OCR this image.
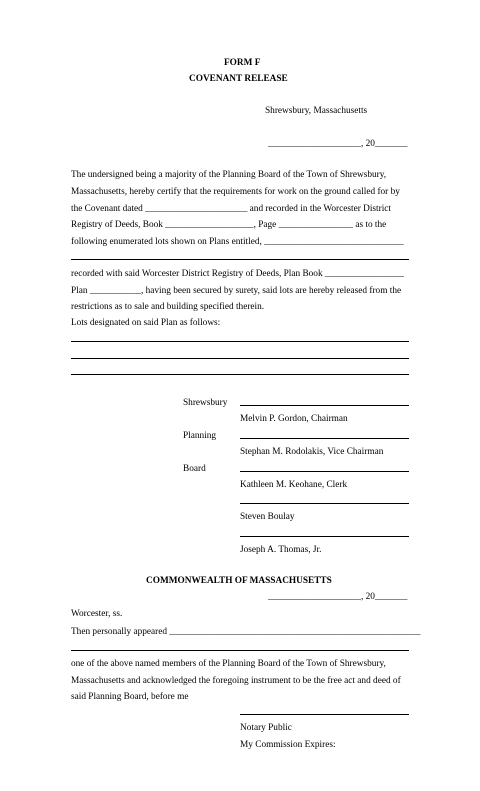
FORM F
COVENANT RELEASE
Shrewsbury, Massachusetts
____________________, 20_______
The undersigned being a majority of the Planning Board of the Town of Shrewsbury,
Massachusetts, hereby certify that the requirements for work on the ground called for by
the Covenant dated ______________________ and recorded in the Worcester District
Registry of Deeds, Book ___________________, Page ________________ as to the
following enumerated lots shown on Plans entitled, ______________________________
recorded with said Worcester District Registry of Deeds, Plan Book _________________
Plan ___________, having been secured by surety, said lots are hereby released from the
restrictions as to sale and building specified therein.
Lots designated on said Plan as follows:
Shrewsbury
Planning
Board
Melvin P. Gordon, Chairman
Stephan M. Rodolakis, Vice Chairman
Kathleen M. Keohane, Clerk
Steven Boulay
Joseph A. Thomas, Jr.
COMMONWEALTH OF MASSACHUSETTS
____________________, 20_______
Worcester, ss.
Then personally appeared ______________________________________________________
one of the above named members of the Planning Board of the Town of Shrewsbury,
Massachusetts and acknowledged the foregoing instrument to be the free act and deed of
said Planning Board, before me
Notary Public
My Commission Expires:
